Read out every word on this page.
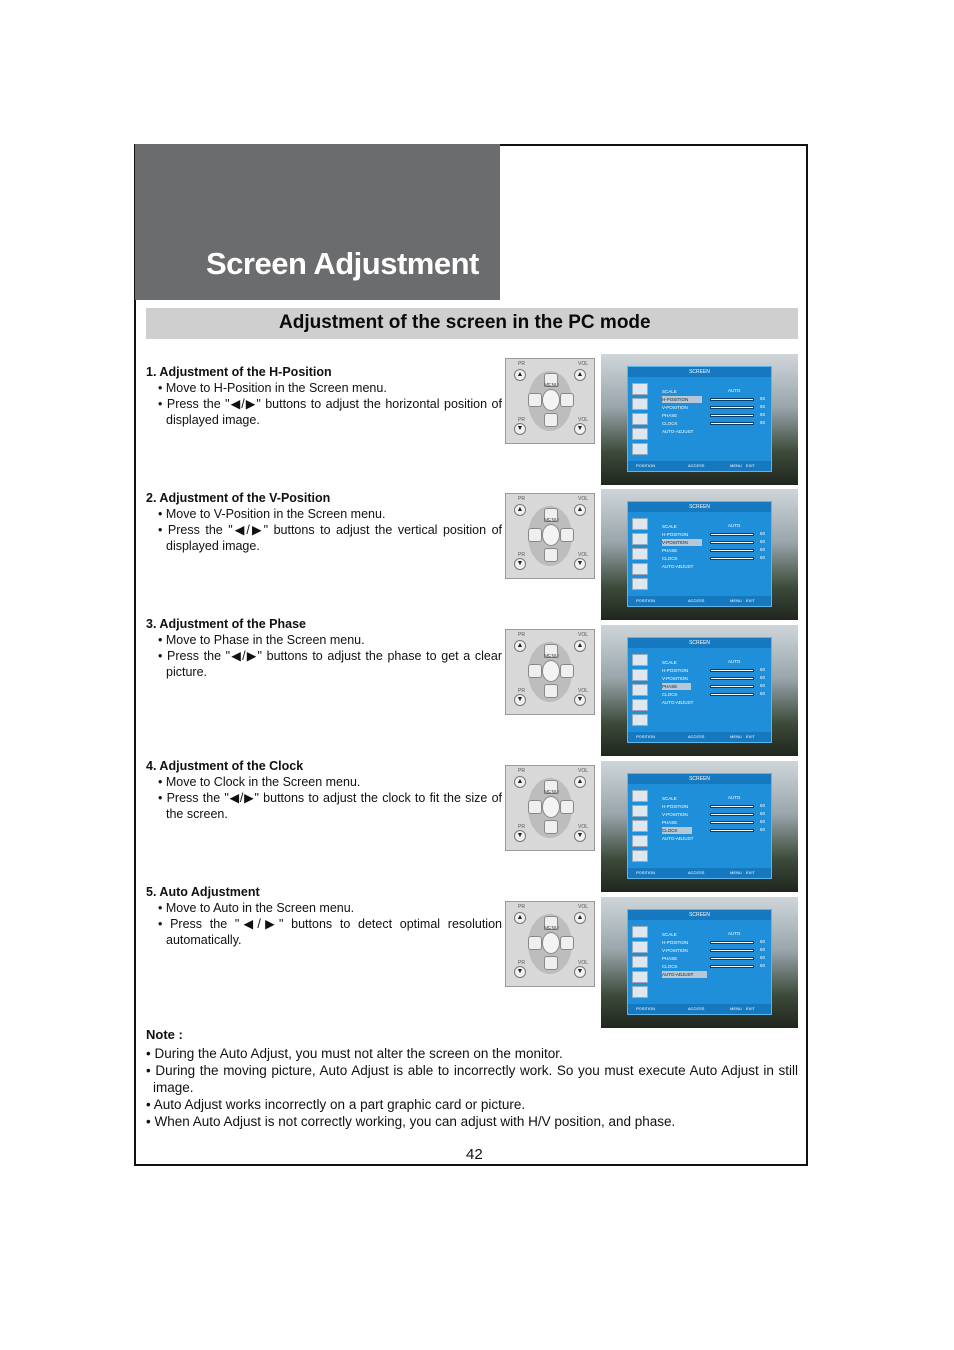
Screen Adjustment
Adjustment of the screen in the PC mode
1. Adjustment of the H-Position
• Move to H-Position in the Screen menu.
• Press the "◀/▶" buttons to adjust the horizontal position of displayed image.
PR	VOL
PR	VOL
MENU
▲	▲
▼	▼
SCREEN
SCALE
H-POSITION	50
V-POSITION	50
PHASE	50
CLOCK	50
AUTO-ADJUST
AUTO
POSITION	ACCESS	MENU EXIT
2. Adjustment of the V-Position
• Move to V-Position in the Screen menu.
• Press the "◀/▶" buttons to adjust the vertical position of displayed image.
PR	VOL
PR	VOL
MENU
▲	▲
▼	▼
SCREEN
SCALE
H-POSITION	50
V-POSITION	50
PHASE	50
CLOCK	50
AUTO-ADJUST
AUTO
POSITION	ACCESS	MENU EXIT
3. Adjustment of the Phase
• Move to Phase in the Screen menu.
• Press the "◀/▶" buttons to adjust the phase to get a clear picture.
PR	VOL
PR	VOL
MENU
▲	▲
▼	▼
SCREEN
SCALE
H-POSITION	50
V-POSITION	50
PHASE	50
CLOCK	50
AUTO-ADJUST
AUTO
POSITION	ACCESS	MENU EXIT
4. Adjustment of the Clock
• Move to Clock in the Screen menu.
• Press the "◀/▶" buttons to adjust the clock to fit the size of the screen.
PR	VOL
PR	VOL
MENU
▲	▲
▼	▼
SCREEN
SCALE
H-POSITION	50
V-POSITION	50
PHASE	50
CLOCK	50
AUTO-ADJUST
AUTO
POSITION	ACCESS	MENU EXIT
5. Auto Adjustment
• Move to Auto in the Screen menu.
• Press the "◀/▶" buttons to detect optimal resolution automatically.
PR	VOL
PR	VOL
MENU
▲	▲
▼	▼
SCREEN
SCALE
H-POSITION	50
V-POSITION	50
PHASE	50
CLOCK	50
AUTO-ADJUST
AUTO
POSITION	ACCESS	MENU EXIT
Note :
• During the Auto Adjust, you must not alter the screen on the monitor.
• During the moving picture, Auto Adjust is able to incorrectly work. So you must execute Auto Adjust in still image.
• Auto Adjust works incorrectly on a part graphic card or picture.
• When Auto Adjust is not correctly working, you can adjust with H/V position, and phase.
42
